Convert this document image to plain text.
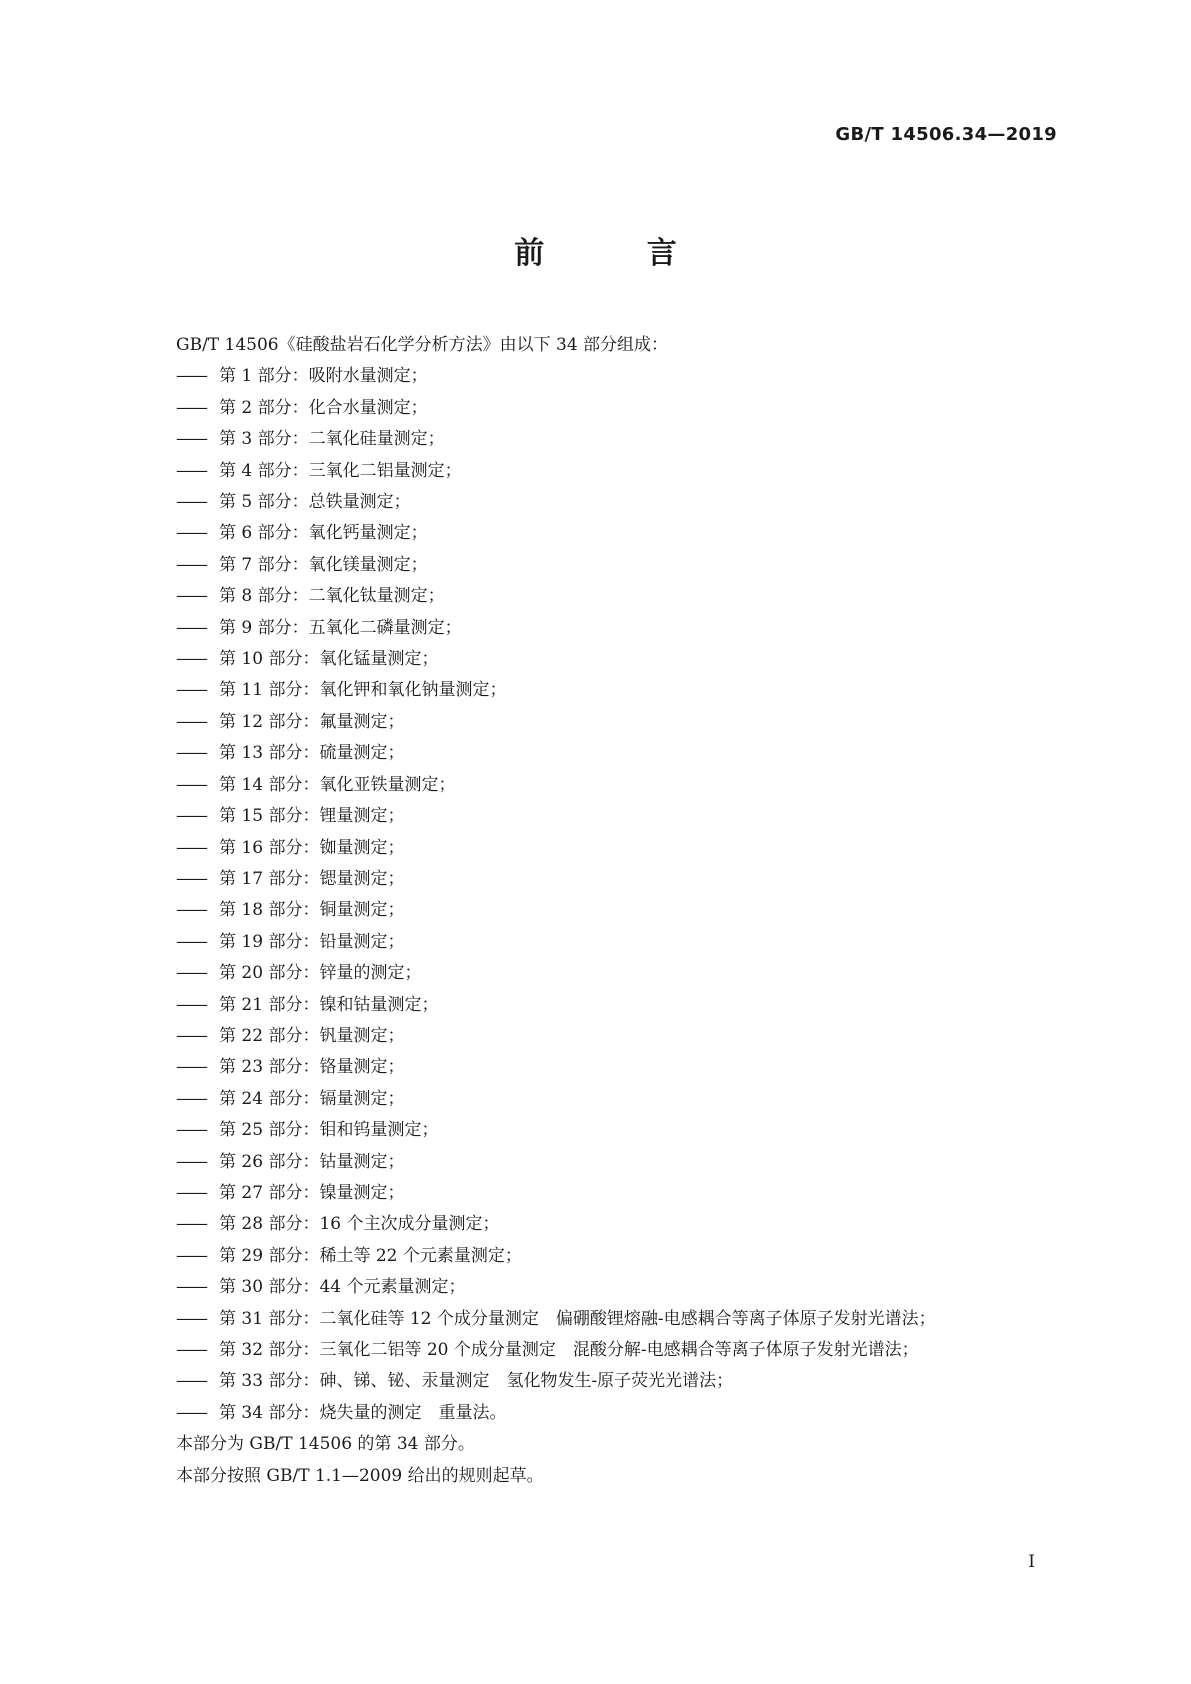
GB/T 14506.34—2019
前 言

GB/T 14506《硅酸盐岩石化学分析方法》由以下 34 部分组成：

—— 第 1 部分：吸附水量测定；
—— 第 2 部分：化合水量测定；
—— 第 3 部分：二氧化硅量测定；
—— 第 4 部分：三氧化二铝量测定；
—— 第 5 部分：总铁量测定；
—— 第 6 部分：氧化钙量测定；
—— 第 7 部分：氧化镁量测定；
—— 第 8 部分：二氧化钛量测定；
—— 第 9 部分：五氧化二磷量测定；
—— 第 10 部分：氧化锰量测定；
—— 第 11 部分：氧化钾和氧化钠量测定；
—— 第 12 部分：氟量测定；
—— 第 13 部分：硫量测定；
—— 第 14 部分：氧化亚铁量测定；
—— 第 15 部分：锂量测定；
—— 第 16 部分：铷量测定；
—— 第 17 部分：锶量测定；
—— 第 18 部分：铜量测定；
—— 第 19 部分：铅量测定；
—— 第 20 部分：锌量的测定；
—— 第 21 部分：镍和钴量测定；
—— 第 22 部分：钒量测定；
—— 第 23 部分：铬量测定；
—— 第 24 部分：镉量测定；
—— 第 25 部分：钼和钨量测定；
—— 第 26 部分：钴量测定；
—— 第 27 部分：镍量测定；
—— 第 28 部分：16 个主次成分量测定；
—— 第 29 部分：稀土等 22 个元素量测定；
—— 第 30 部分：44 个元素量测定；
—— 第 31 部分：二氧化硅等 12 个成分量测定　偏硼酸锂熔融-电感耦合等离子体原子发射光谱法；
—— 第 32 部分：三氧化二铝等 20 个成分量测定　混酸分解-电感耦合等离子体原子发射光谱法；
—— 第 33 部分：砷、锑、铋、汞量测定　氢化物发生-原子荧光光谱法；
—— 第 34 部分：烧失量的测定　重量法。

本部分为 GB/T 14506 的第 34 部分。

本部分按照 GB/T 1.1—2009 给出的规则起草。

I
